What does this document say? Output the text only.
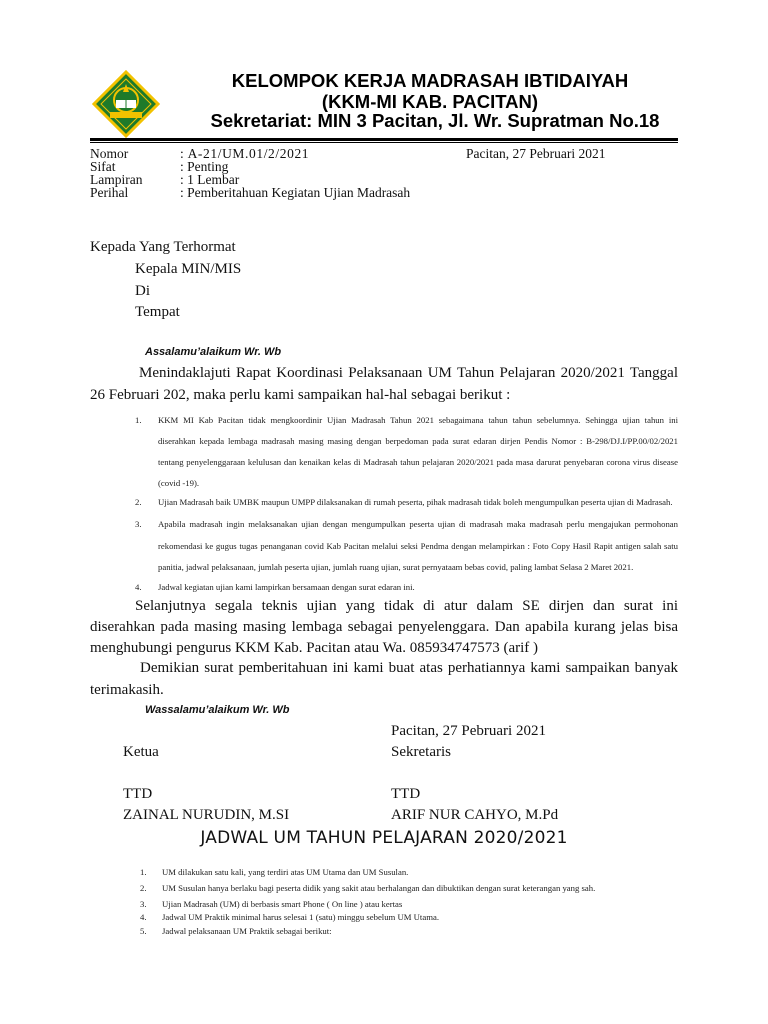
KELOMPOK KERJA MADRASAH IBTIDAIYAH
(KKM-MI KAB. PACITAN)
Sekretariat: MIN 3 Pacitan, Jl. Wr. Supratman No.18
Nomor	: A-21/UM.01/2/2021	Pacitan, 27 Pebruari 2021
Sifat	: Penting
Lampiran	: 1 Lembar
Perihal	: Pemberitahuan Kegiatan Ujian Madrasah
Kepada Yang Terhormat
Kepala MIN/MIS
Di
Tempat
Assalamu’alaikum Wr. Wb
Menindaklajuti Rapat Koordinasi Pelaksanaan UM Tahun Pelajaran 2020/2021 Tanggal
26 Februari 202, maka perlu kami sampaikan hal-hal sebagai berikut :
1. KKM MI Kab Pacitan tidak mengkoordinir Ujian Madrasah Tahun 2021 sebagaimana tahun tahun sebelumnya. Sehingga ujian tahun ini
diserahkan kepada lembaga madrasah masing masing dengan berpedoman pada surat edaran dirjen Pendis Nomor : B-298/DJ.I/PP.00/02/2021
tentang penyelenggaraan kelulusan dan kenaikan kelas di Madrasah tahun pelajaran 2020/2021 pada masa darurat penyebaran corona virus disease
(covid -19).
2. Ujian Madrasah baik UMBK maupun UMPP dilaksanakan di rumah peserta, pihak madrasah tidak boleh mengumpulkan peserta ujian di Madrasah.
3. Apabila madrasah ingin melaksanakan ujian dengan mengumpulkan peserta ujian di madrasah maka madrasah perlu mengajukan permohonan
rekomendasi ke gugus tugas penanganan covid Kab Pacitan melalui seksi Pendma dengan melampirkan : Foto Copy Hasil Rapit antigen salah satu
panitia, jadwal pelaksanaan, jumlah peserta ujian, jumlah ruang ujian, surat pernyataam bebas covid, paling lambat Selasa 2 Maret 2021.
4. Jadwal kegiatan ujian kami lampirkan bersamaan dengan surat edaran ini.
Selanjutnya segala teknis ujian yang tidak di atur dalam SE dirjen dan surat ini
diserahkan pada masing masing lembaga sebagai penyelenggara. Dan apabila kurang jelas bisa
menghubungi pengurus KKM Kab. Pacitan atau Wa. 085934747573 (arif )
Demikian surat pemberitahuan ini kami buat atas perhatiannya kami sampaikan banyak
terimakasih.
Wassalamu’alaikum Wr. Wb
Pacitan, 27 Pebruari 2021
Ketua	Sekretaris
TTD	TTD
ZAINAL NURUDIN, M.SI	ARIF NUR CAHYO, M.Pd
JADWAL UM TAHUN PELAJARAN 2020/2021
1. UM dilakukan satu kali, yang terdiri atas UM Utama dan UM Susulan.
2. UM Susulan hanya berlaku bagi peserta didik yang sakit atau berhalangan dan dibuktikan dengan surat keterangan yang sah.
3. Ujian Madrasah (UM) di berbasis smart Phone ( On line ) atau kertas
4. Jadwal UM Praktik minimal harus selesai 1 (satu) minggu sebelum UM Utama.
5. Jadwal pelaksanaan UM Praktik sebagai berikut:
